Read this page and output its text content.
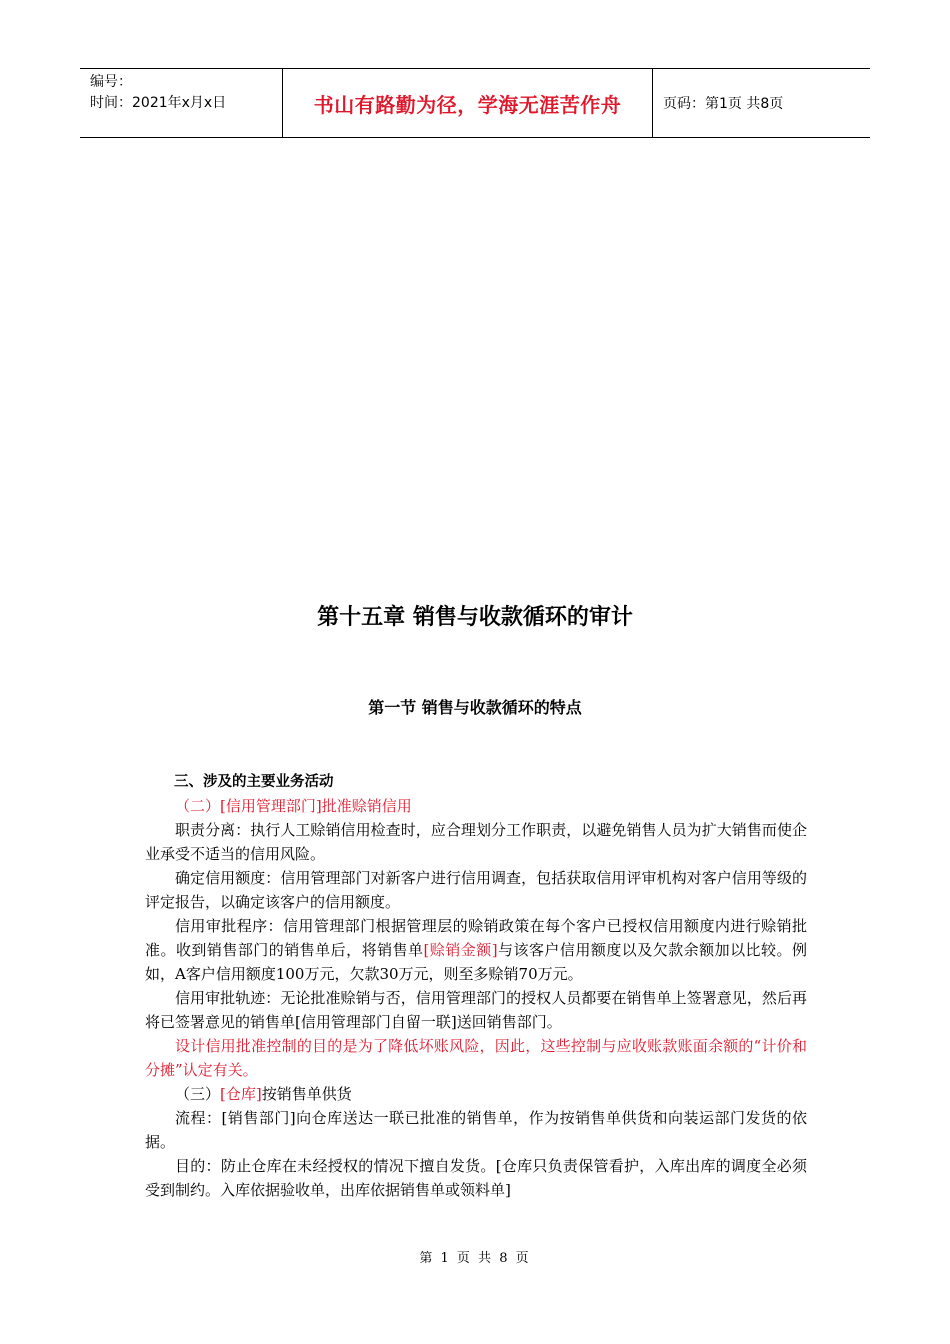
编号：
时间：2021年x月x日	书山有路勤为径，学海无涯苦作舟	页码：第1页 共8页
第十五章 销售与收款循环的审计
第一节 销售与收款循环的特点

三、涉及的主要业务活动

（二）[信用管理部门]批准赊销信用

职责分离：执行人工赊销信用检查时，应合理划分工作职责，以避免销售人员为扩大销售而使企业承受不适当的信用风险。

确定信用额度：信用管理部门对新客户进行信用调查，包括获取信用评审机构对客户信用等级的评定报告，以确定该客户的信用额度。

信用审批程序：信用管理部门根据管理层的赊销政策在每个客户已授权信用额度内进行赊销批准。收到销售部门的销售单后，将销售单[赊销金额]与该客户信用额度以及欠款余额加以比较。例如，A客户信用额度100万元，欠款30万元，则至多赊销70万元。

信用审批轨迹：无论批准赊销与否，信用管理部门的授权人员都要在销售单上签署意见，然后再将已签署意见的销售单[信用管理部门自留一联]送回销售部门。

设计信用批准控制的目的是为了降低坏账风险，因此，这些控制与应收账款账面余额的“计价和分摊”认定有关。

（三）[仓库]按销售单供货

流程：[销售部门]向仓库送达一联已批准的销售单，作为按销售单供货和向装运部门发货的依据。

目的：防止仓库在未经授权的情况下擅自发货。[仓库只负责保管看护，入库出库的调度全必须受到制约。入库依据验收单，出库依据销售单或领料单]

第 1 页 共 8 页
